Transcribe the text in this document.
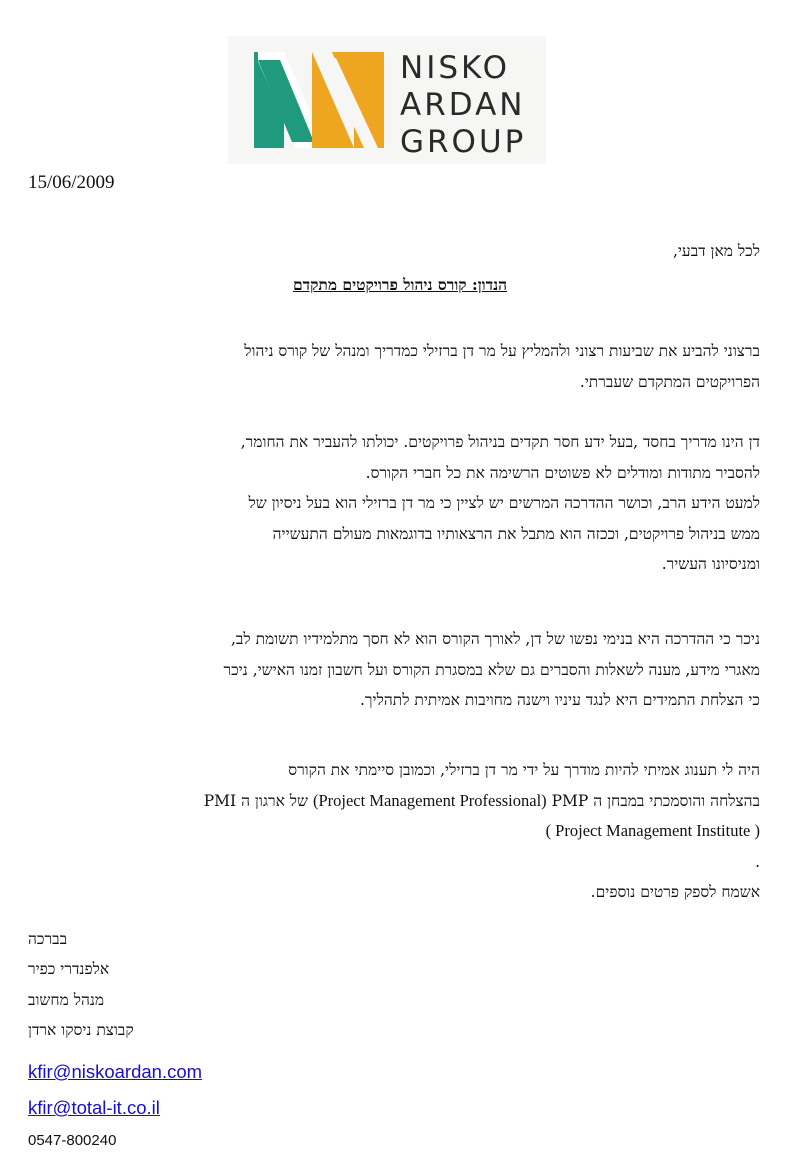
NISKO
ARDAN
GROUP
15/06/2009
לכל מאן דבעי,
הנדון: קורס ניהול פרויקטים מתקדם
ברצוני להביע את שביעות רצוני ולהמליץ על מר דן ברזילי כמדריך ומנהל של קורס ניהול
הפרויקטים המתקדם שעברתי.
דן הינו מדריך בחסד ,בעל ידע חסר תקדים בניהול פרויקטים. יכולתו להעביר את החומר,
להסביר מתודות ומודלים לא פשוטים הרשימה את כל חברי הקורס.
למעט הידע הרב, וכושר ההדרכה המרשים יש לציין כי מר דן ברזילי הוא בעל ניסיון של
ממש בניהול פרויקטים, וככזה הוא מתבל את הרצאותיו בדוגמאות מעולם התעשייה
ומניסיונו העשיר.
ניכר כי ההדרכה היא בנימי נפשו של דן, לאורך הקורס הוא לא חסך מתלמידיו תשומת לב,
מאגרי מידע, מענה לשאלות והסברים גם שלא במסגרת הקורס ועל חשבון זמנו האישי, ניכר
כי הצלחת התמידים היא לנגד עיניו וישנה מחויבות אמיתית לתהליך.
היה לי תענוג אמיתי להיות מודרך על ידי מר דן ברזילי, וכמובן סיימתי את הקורס
בהצלחה והוסמכתי במבחן ה PMP (Project Management Professional) של ארגון ה PMI
( Project Management Institute )
.
אשמח לספק פרטים נוספים.
בברכה
אלפנדרי כפיר
מנהל מחשוב
קבוצת ניסקו ארדן
kfir@niskoardan.com
kfir@total-it.co.il
0547-800240
